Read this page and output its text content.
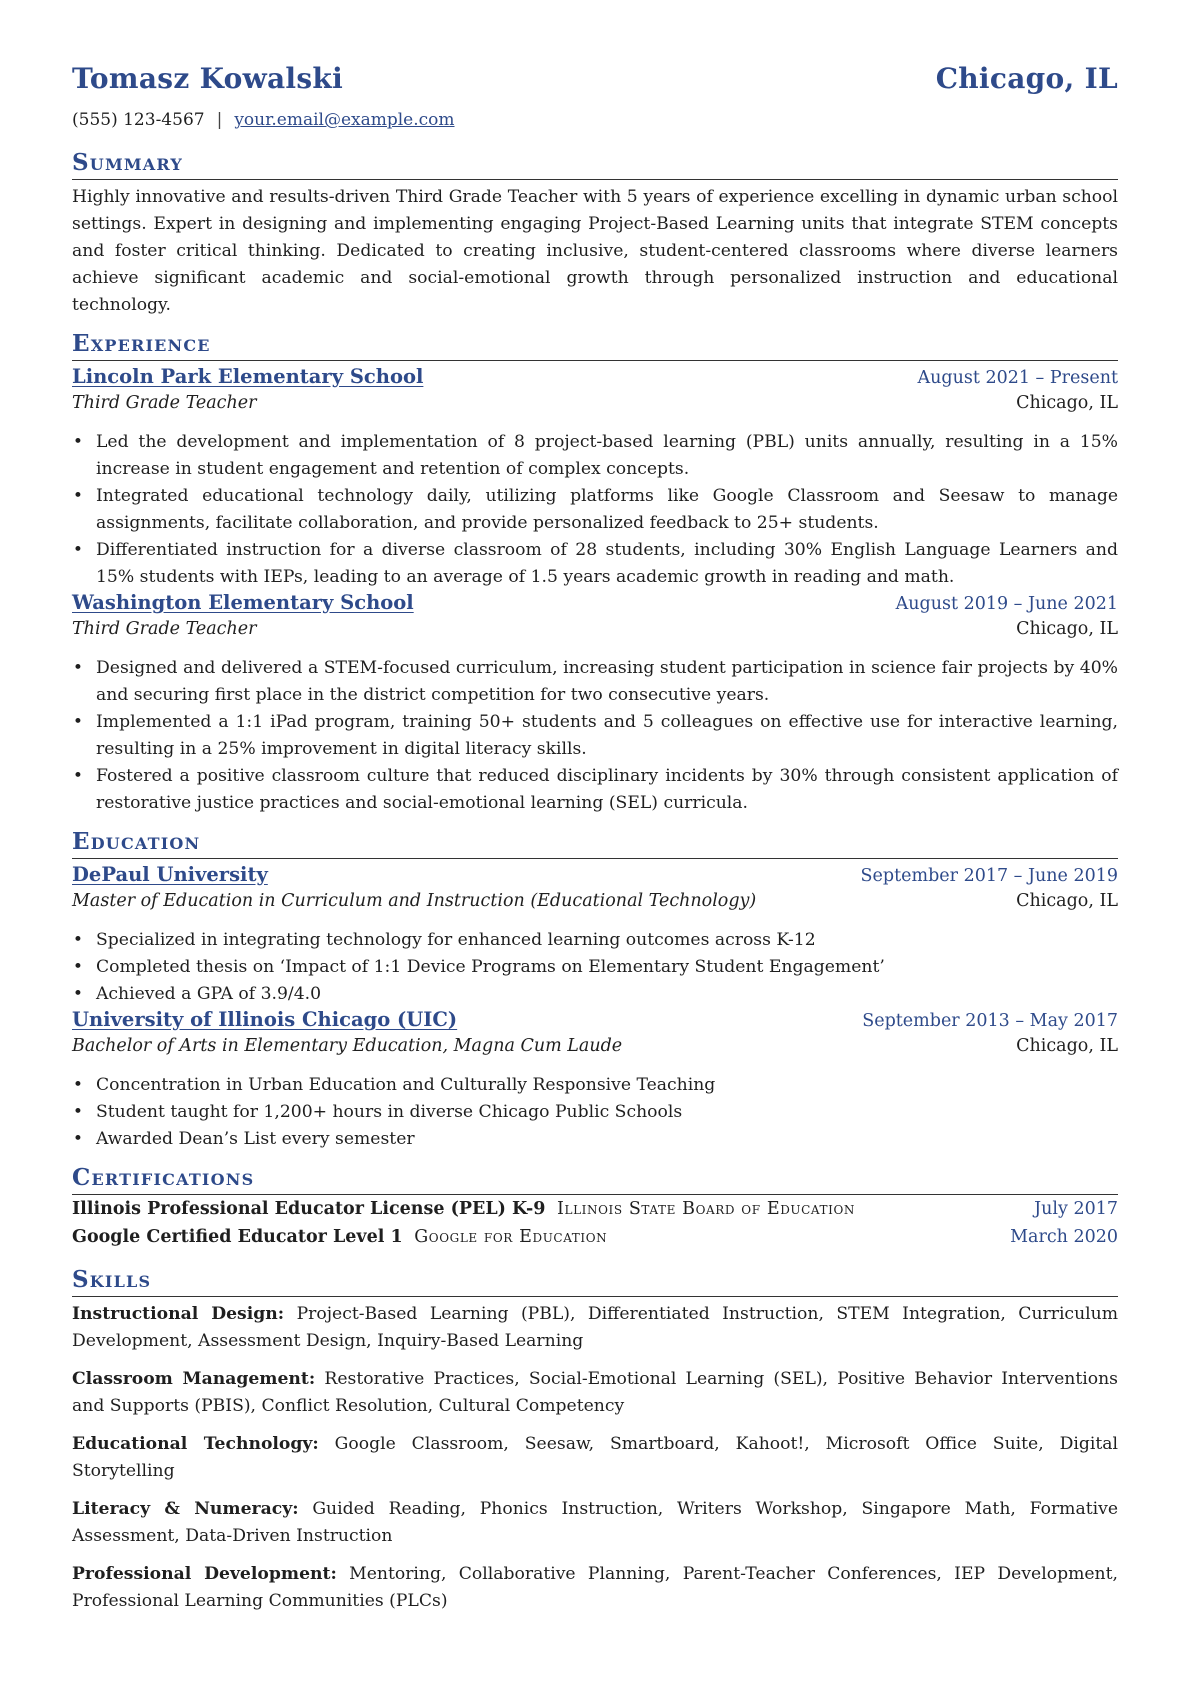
Tomasz Kowalski	Chicago, IL
(555) 123-4567 | your.email@example.com
Summary

Highly innovative and results-driven Third Grade Teacher with 5 years of experience excelling in dynamic urban school settings. Expert in designing and implementing engaging Project-Based Learning units that integrate STEM concepts and foster critical thinking. Dedicated to creating inclusive, student-centered classrooms where diverse learners achieve significant academic and social-emotional growth through personalized instruction and educational technology.

Experience
Lincoln Park Elementary School	August 2021 – Present
Third Grade Teacher	Chicago, IL
• Led the development and implementation of 8 project-based learning (PBL) units annually, resulting in a 15% increase in student engagement and retention of complex concepts.
• Integrated educational technology daily, utilizing platforms like Google Classroom and Seesaw to manage assignments, facilitate collaboration, and provide personalized feedback to 25+ students.
• Differentiated instruction for a diverse classroom of 28 students, including 30% English Language Learners and 15% students with IEPs, leading to an average of 1.5 years academic growth in reading and math.
Washington Elementary School	August 2019 – June 2021
Third Grade Teacher	Chicago, IL
• Designed and delivered a STEM-focused curriculum, increasing student participation in science fair projects by 40% and securing first place in the district competition for two consecutive years.
• Implemented a 1:1 iPad program, training 50+ students and 5 colleagues on effective use for interactive learning, resulting in a 25% improvement in digital literacy skills.
• Fostered a positive classroom culture that reduced disciplinary incidents by 30% through consistent application of restorative justice practices and social-emotional learning (SEL) curricula.
Education
DePaul University	September 2017 – June 2019
Master of Education in Curriculum and Instruction (Educational Technology)	Chicago, IL
• Specialized in integrating technology for enhanced learning outcomes across K-12
• Completed thesis on ‘Impact of 1:1 Device Programs on Elementary Student Engagement’
• Achieved a GPA of 3.9/4.0
University of Illinois Chicago (UIC)	September 2013 – May 2017
Bachelor of Arts in Elementary Education, Magna Cum Laude	Chicago, IL
• Concentration in Urban Education and Culturally Responsive Teaching
• Student taught for 1,200+ hours in diverse Chicago Public Schools
• Awarded Dean’s List every semester
Certifications
Illinois Professional Educator License (PEL) K-9 Illinois State Board of Education	July 2017
Google Certified Educator Level 1 Google for Education	March 2020
Skills
Instructional Design: Project-Based Learning (PBL), Differentiated Instruction, STEM Integration, Curriculum Development, Assessment Design, Inquiry-Based Learning
Classroom Management: Restorative Practices, Social-Emotional Learning (SEL), Positive Behavior Interventions and Supports (PBIS), Conflict Resolution, Cultural Competency
Educational Technology: Google Classroom, Seesaw, Smartboard, Kahoot!, Microsoft Office Suite, Digital Storytelling
Literacy & Numeracy: Guided Reading, Phonics Instruction, Writers Workshop, Singapore Math, Formative Assessment, Data-Driven Instruction
Professional Development: Mentoring, Collaborative Planning, Parent-Teacher Conferences, IEP Development, Professional Learning Communities (PLCs)
